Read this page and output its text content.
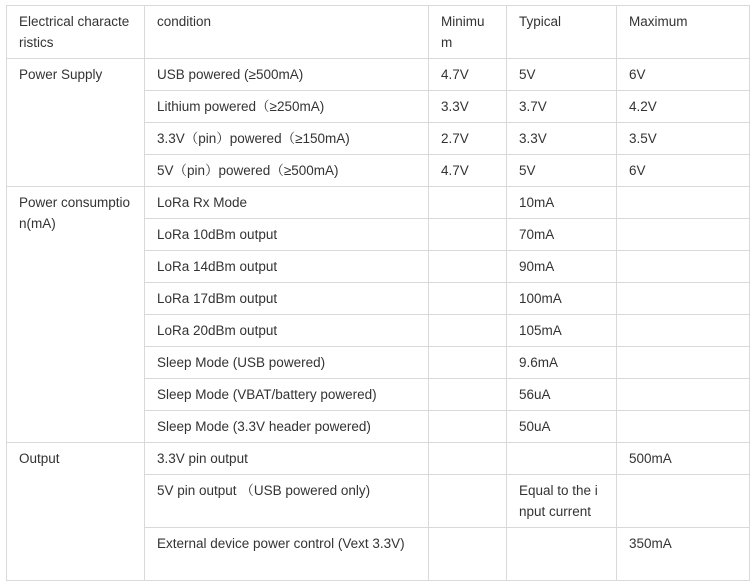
Electrical characteristics	condition	Minimum	Typical	Maximum
Power Supply	USB powered (≥500mA)	4.7V	5V	6V
	Lithium powered（≥250mA)	3.3V	3.7V	4.2V
	3.3V（pin）powered（≥150mA)	2.7V	3.3V	3.5V
	5V（pin）powered（≥500mA)	4.7V	5V	6V
Power consumption(mA)	LoRa Rx Mode		10mA	
	LoRa 10dBm output		70mA	
	LoRa 14dBm output		90mA	
	LoRa 17dBm output		100mA	
	LoRa 20dBm output		105mA	
	Sleep Mode (USB powered)		9.6mA	
	Sleep Mode (VBAT/battery powered)		56uA	
	Sleep Mode (3.3V header powered)		50uA	
Output	3.3V pin output			500mA
	5V pin output （USB powered only)		Equal to the input current	
	External device power control (Vext 3.3V)			350mA
